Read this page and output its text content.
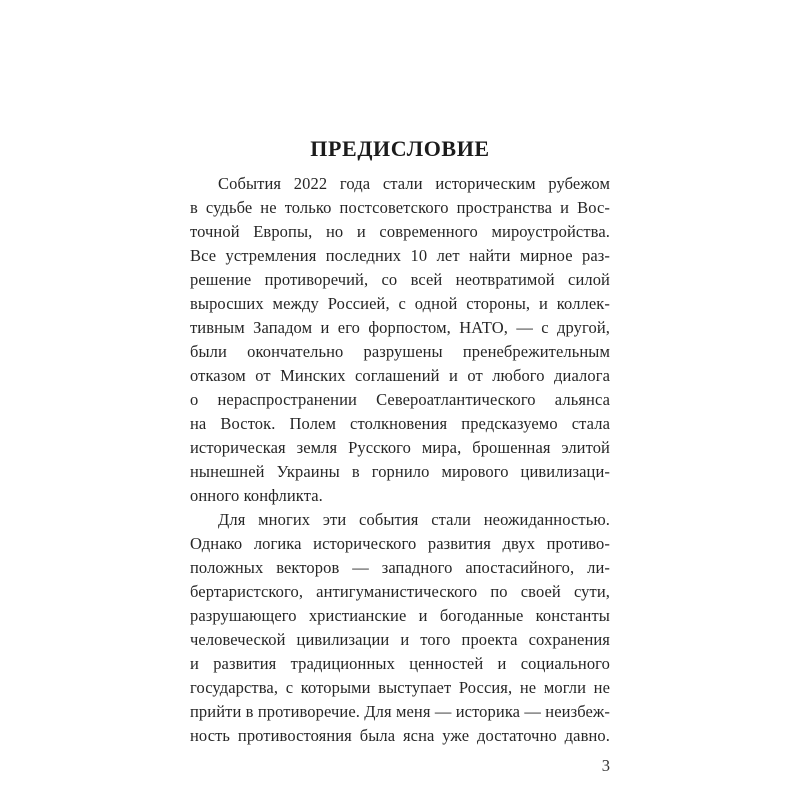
ПРЕДИСЛОВИЕ
События 2022 года стали историческим рубежом
в судьбе не только постсоветского пространства и Вос-
точной Европы, но и современного мироустройства.
Все устремления последних 10 лет найти мирное раз-
решение противоречий, со всей неотвратимой силой
выросших между Россией, с одной стороны, и коллек-
тивным Западом и его форпостом, НАТО, — с другой,
были окончательно разрушены пренебрежительным
отказом от Минских соглашений и от любого диалога
о нераспространении Североатлантического альянса
на Восток. Полем столкновения предсказуемо стала
историческая земля Русского мира, брошенная элитой
нынешней Украины в горнило мирового цивилизаци-
онного конфликта.
Для многих эти события стали неожиданностью.
Однако логика исторического развития двух противо-
положных векторов — западного апостасийного, ли-
бертаристского, антигуманистического по своей сути,
разрушающего христианские и богоданные константы
человеческой цивилизации и того проекта сохранения
и развития традиционных ценностей и социального
государства, с которыми выступает Россия, не могли не
прийти в противоречие. Для меня — историка — неизбеж-
ность противостояния была ясна уже достаточно давно.
3
